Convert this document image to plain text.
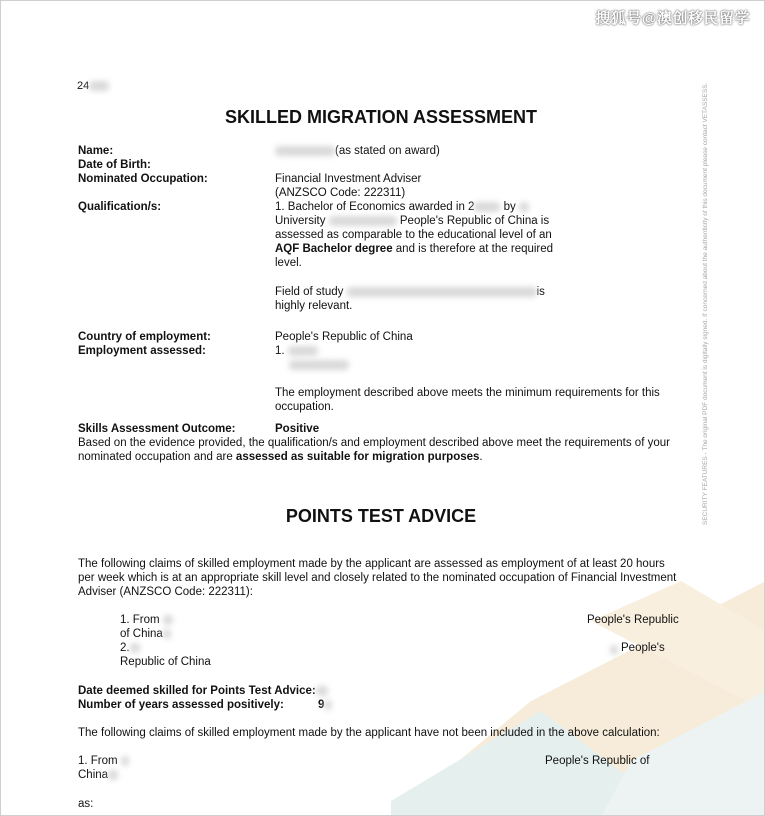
搜狐号@澳创移民留学
SECURITY FEATURES - The original PDF document is digitally signed. If concerned about the authenticity of this document please contact VETASSESS.
24
SKILLED MIGRATION ASSESSMENT
Name:	(as stated on award)
Date of Birth:
Nominated Occupation:	Financial Investment Adviser
(ANZSCO Code: 222311)
Qualification/s:	1. Bachelor of Economics awarded in 2	by
University	People's Republic of China is
assessed as comparable to the educational level of an
AQF Bachelor degree and is therefore at the required
level.
Field of study	is
highly relevant.
Country of employment:	People's Republic of China
Employment assessed:	1.
The employment described above meets the minimum requirements for this
occupation.
Skills Assessment Outcome:	Positive
Based on the evidence provided, the qualification/s and employment described above meet the requirements of your
nominated occupation and are assessed as suitable for migration purposes.
POINTS TEST ADVICE
The following claims of skilled employment made by the applicant are assessed as employment of at least 20 hours
per week which is at an appropriate skill level and closely related to the nominated occupation of Financial Investment
Adviser (ANZSCO Code: 222311):
1. From	People's Republic
of China
2.	People's
Republic of China
Date deemed skilled for Points Test Advice:
Number of years assessed positively:	9
The following claims of skilled employment made by the applicant have not been included in the above calculation:
1. From	People's Republic of
China
as:
